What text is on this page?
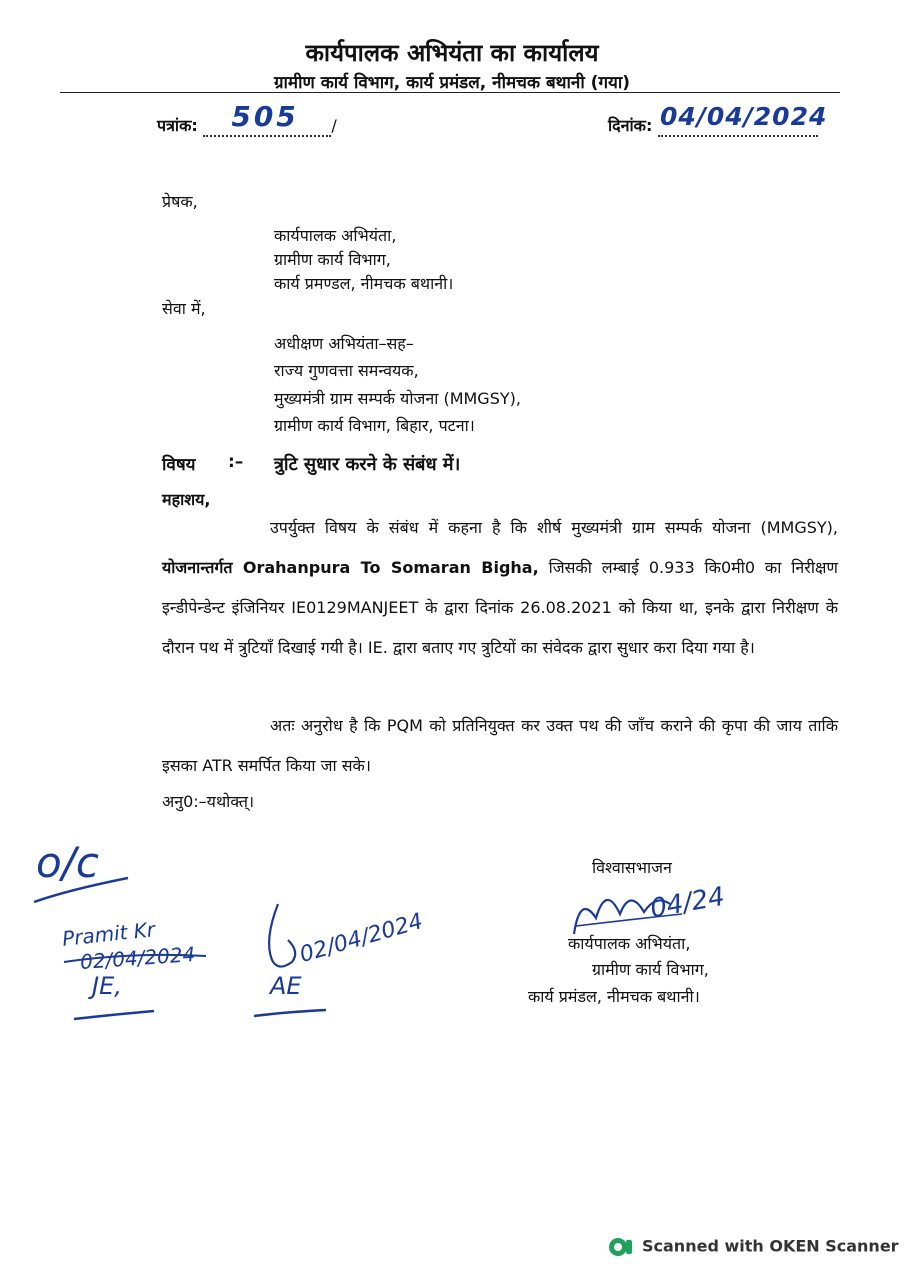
कार्यपालक अभियंता का कार्यालय
ग्रामीण कार्य विभाग, कार्य प्रमंडल, नीमचक बथानी (गया)
पत्रांक: 505 /	दिनांक: 04/04/2024

प्रेषक,
कार्यपालक अभियंता,
ग्रामीण कार्य विभाग,
कार्य प्रमण्डल, नीमचक बथानी।
सेवा में,
अधीक्षण अभियंता–सह–
राज्य गुणवत्ता समन्वयक,
मुख्यमंत्री ग्राम सम्पर्क योजना (MMGSY),
ग्रामीण कार्य विभाग, बिहार, पटना।
विषय :– त्रुटि सुधार करने के संबंध में।
महाशय,
उपर्युक्त विषय के संबंध में कहना है कि शीर्ष मुख्यमंत्री ग्राम सम्पर्क योजना (MMGSY), योजनान्तर्गत Orahanpura To Somaran Bigha, जिसकी लम्बाई 0.933 कि0मी0 का निरीक्षण इन्डीपेन्डेन्ट इंजिनियर IE0129MANJEET के द्वारा दिनांक 26.08.2021 को किया था, इनके द्वारा निरीक्षण के दौरान पथ में त्रुटियाँ दिखाई गयी है। IE. द्वारा बताए गए त्रुटियों का संवेदक द्वारा सुधार करा दिया गया है।
अतः अनुरोध है कि PQM को प्रतिनियुक्त कर उक्त पथ की जाँच कराने की कृपा की जाय ताकि इसका ATR समर्पित किया जा सके।
अनु0:–यथोक्त्।
विश्वासभाजन
कार्यपालक अभियंता,
ग्रामीण कार्य विभाग,
कार्य प्रमंडल, नीमचक बथानी।
o/c
Pramit Kr
02/04/2024
JE,
02/04/2024
AE
04/24
Scanned with OKEN Scanner
